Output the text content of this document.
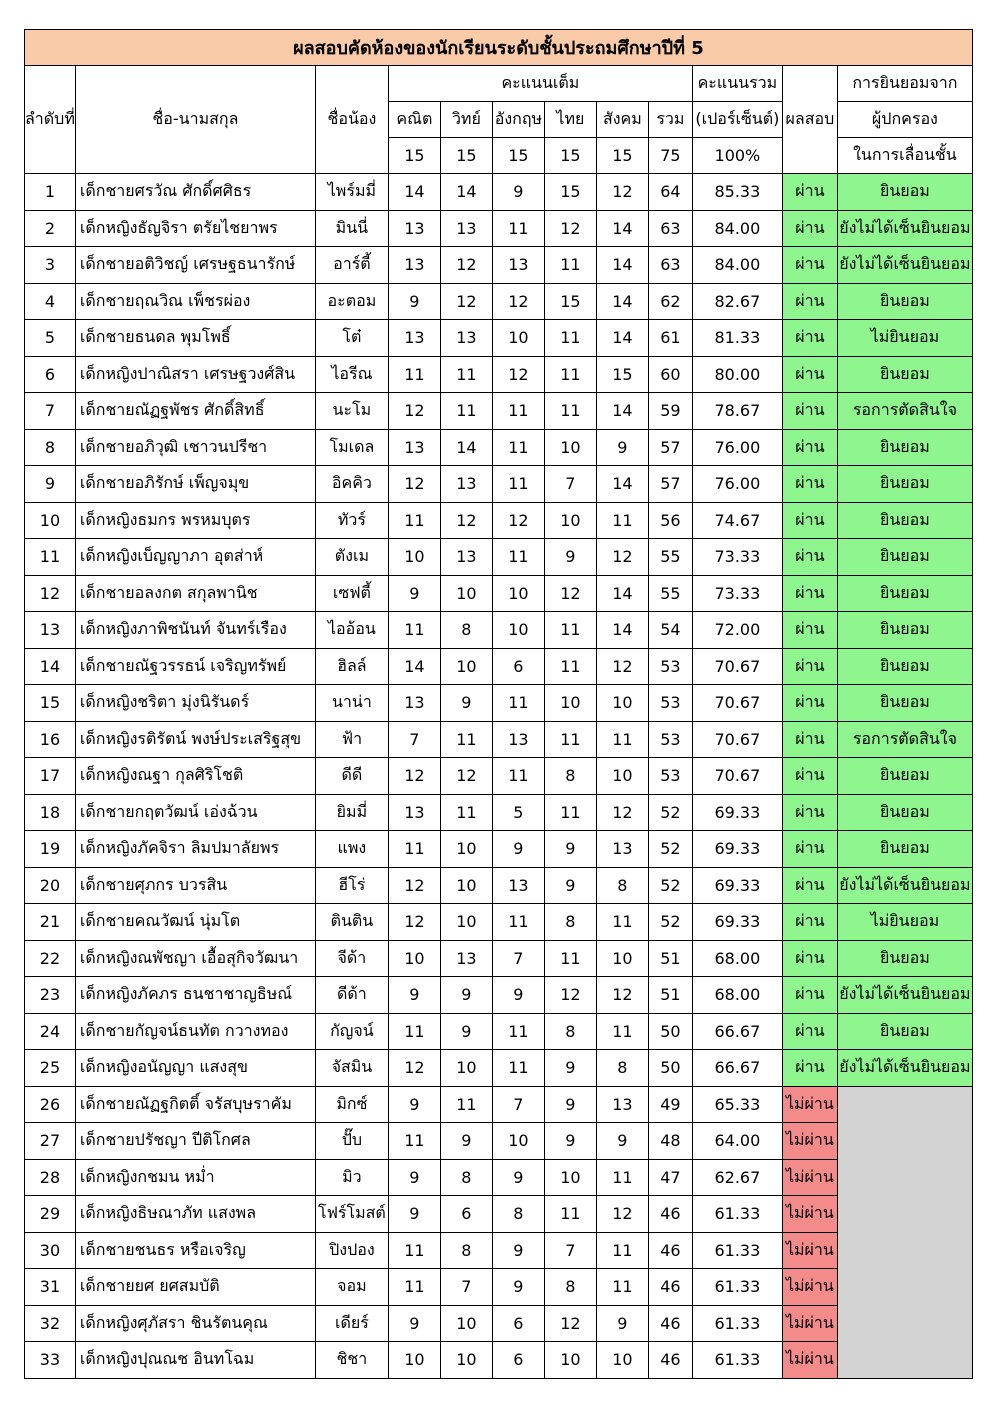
ผลสอบคัดห้องของนักเรียนระดับชั้นประถมศึกษาปีที่ 5											
ลำดับที่	ชื่อ-นามสกุล	ชื่อน้อง	คะแนนเต็ม						คะแนนรวม	ผลสอบ	การยินยอมจาก
			คณิต	วิทย์	อังกฤษ	ไทย	สังคม	รวม	(เปอร์เซ็นต์)		ผู้ปกครอง
			15	15	15	15	15	75	100%		ในการเลื่อนชั้น
1	เด็กชายศรวัณ ศักดิ์ศศิธร	ไพร์มมี่	14	14	9	15	12	64	85.33	ผ่าน	ยินยอม
2	เด็กหญิงธัญจิรา ตรัยไชยาพร	มินนี่	13	13	11	12	14	63	84.00	ผ่าน	ยังไม่ได้เซ็นยินยอม
3	เด็กชายอติวิชญ์ เศรษฐธนารักษ์	อาร์ตี้	13	12	13	11	14	63	84.00	ผ่าน	ยังไม่ได้เซ็นยินยอม
4	เด็กชายฤณวิณ เพ็ชรผ่อง	อะตอม	9	12	12	15	14	62	82.67	ผ่าน	ยินยอม
5	เด็กชายธนดล พุมโพธิ์	โต๋	13	13	10	11	14	61	81.33	ผ่าน	ไม่ยินยอม
6	เด็กหญิงปาณิสรา เศรษฐวงศ์สิน	ไอรีณ	11	11	12	11	15	60	80.00	ผ่าน	ยินยอม
7	เด็กชายณัฏฐพัชร ศักดิ์สิทธิ์	นะโม	12	11	11	11	14	59	78.67	ผ่าน	รอการตัดสินใจ
8	เด็กชายอภิวุฒิ เชาวนปรีชา	โมเดล	13	14	11	10	9	57	76.00	ผ่าน	ยินยอม
9	เด็กชายอภิรักษ์ เพ็ญจมุข	อิคคิว	12	13	11	7	14	57	76.00	ผ่าน	ยินยอม
10	เด็กหญิงธมกร พรหมบุตร	ทัวร์	11	12	12	10	11	56	74.67	ผ่าน	ยินยอม
11	เด็กหญิงเบ็ญญาภา อุตส่าห์	ตังเม	10	13	11	9	12	55	73.33	ผ่าน	ยินยอม
12	เด็กชายอลงกต สกุลพานิช	เซฟตี้	9	10	10	12	14	55	73.33	ผ่าน	ยินยอม
13	เด็กหญิงภาพิชนันท์ จันทร์เรือง	ไออ้อน	11	8	10	11	14	54	72.00	ผ่าน	ยินยอม
14	เด็กชายณัฐวรรธน์ เจริญทรัพย์	ฮิลล์	14	10	6	11	12	53	70.67	ผ่าน	ยินยอม
15	เด็กหญิงชริตา มุ่งนิรันดร์	นาน่า	13	9	11	10	10	53	70.67	ผ่าน	ยินยอม
16	เด็กหญิงรติรัตน์ พงษ์ประเสริฐสุข	ฟ้า	7	11	13	11	11	53	70.67	ผ่าน	รอการตัดสินใจ
17	เด็กหญิงณฐา กุลศิริโชติ	ดีดี	12	12	11	8	10	53	70.67	ผ่าน	ยินยอม
18	เด็กชายกฤตวัฒน์ เอ่งฉ้วน	ยิมมี่	13	11	5	11	12	52	69.33	ผ่าน	ยินยอม
19	เด็กหญิงภัคจิรา ลิมปมาลัยพร	แพง	11	10	9	9	13	52	69.33	ผ่าน	ยินยอม
20	เด็กชายศุภกร บวรสิน	ฮีโร่	12	10	13	9	8	52	69.33	ผ่าน	ยังไม่ได้เซ็นยินยอม
21	เด็กชายคณวัฒน์ นุ่มโต	ตินติน	12	10	11	8	11	52	69.33	ผ่าน	ไม่ยินยอม
22	เด็กหญิงณพัชญา เอื้อสุกิจวัฒนา	จีด้า	10	13	7	11	10	51	68.00	ผ่าน	ยินยอม
23	เด็กหญิงภัคภร ธนชาชาญธิษณ์	ดีด้า	9	9	9	12	12	51	68.00	ผ่าน	ยังไม่ได้เซ็นยินยอม
24	เด็กชายกัญจน์ธนทัต กวางทอง	กัญจน์	11	9	11	8	11	50	66.67	ผ่าน	ยินยอม
25	เด็กหญิงอนัญญา แสงสุข	จัสมิน	12	10	11	9	8	50	66.67	ผ่าน	ยังไม่ได้เซ็นยินยอม
26	เด็กชายณัฏฐกิตติ์ จรัสบุษราคัม	มิกซ์	9	11	7	9	13	49	65.33	ไม่ผ่าน	
27	เด็กชายปรัชญา ปีติโกศล	ปั๊บ	11	9	10	9	9	48	64.00	ไม่ผ่าน	
28	เด็กหญิงกชมน หม่ำ	มิว	9	8	9	10	11	47	62.67	ไม่ผ่าน	
29	เด็กหญิงธิษณาภัท แสงพล	โฟร์โมสต์	9	6	8	11	12	46	61.33	ไม่ผ่าน	
30	เด็กชายชนธร หรือเจริญ	ปิงปอง	11	8	9	7	11	46	61.33	ไม่ผ่าน	
31	เด็กชายยศ ยศสมบัติ	จอม	11	7	9	8	11	46	61.33	ไม่ผ่าน	
32	เด็กหญิงศุภัสรา ชินรัตนคุณ	เดียร์	9	10	6	12	9	46	61.33	ไม่ผ่าน	
33	เด็กหญิงปุณณช อินทโฉม	ชิชา	10	10	6	10	10	46	61.33	ไม่ผ่าน	
